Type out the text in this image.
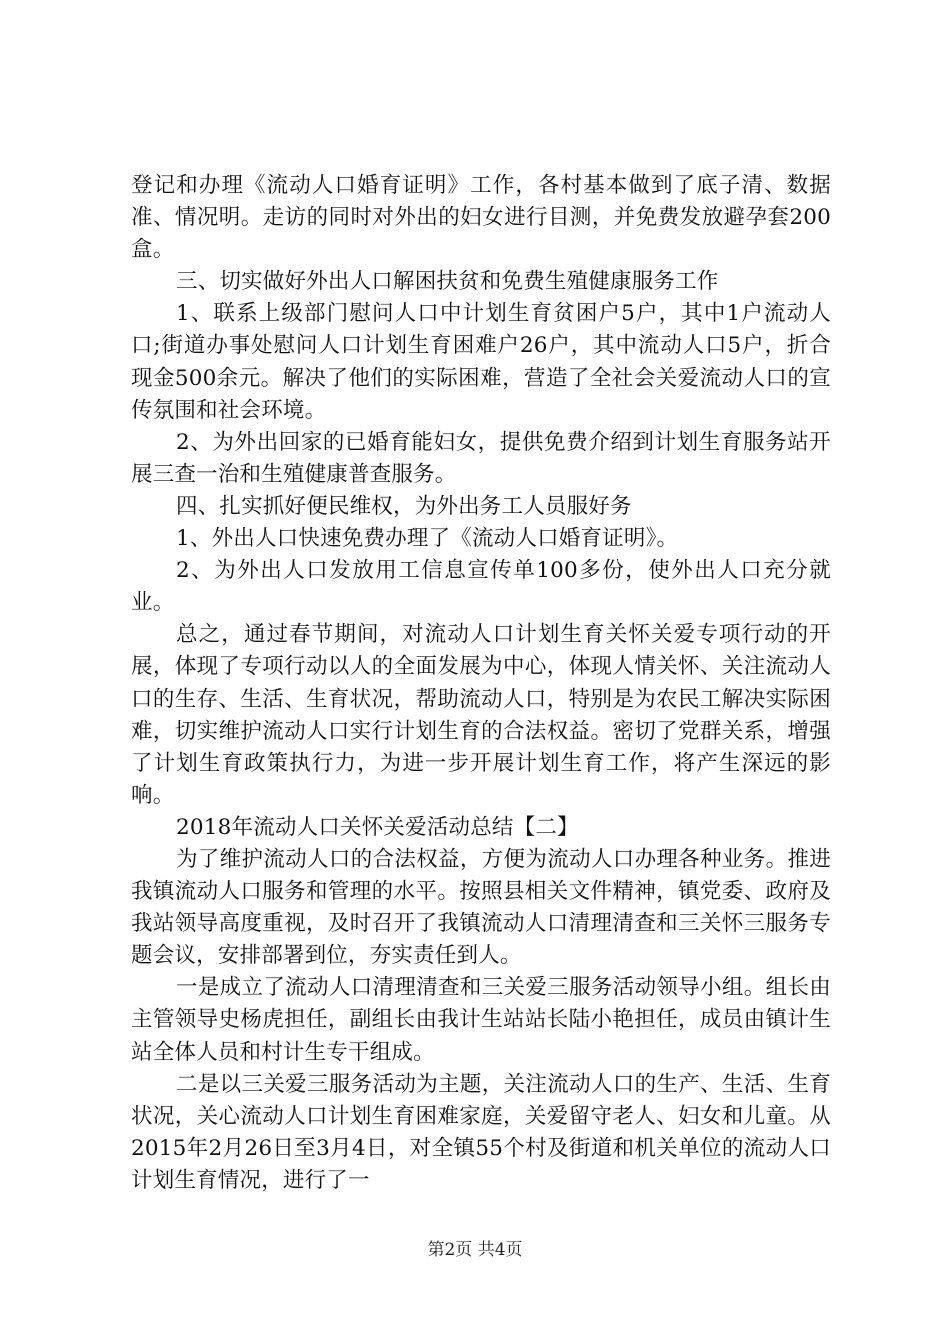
登记和办理《流动人口婚育证明》工作，各村基本做到了底子清、数据准、情况明。走访的同时对外出的妇女进行目测，并免费发放避孕套200盒。

三、切实做好外出人口解困扶贫和免费生殖健康服务工作

1、联系上级部门慰问人口中计划生育贫困户5户，其中1户流动人口;街道办事处慰问人口计划生育困难户26户，其中流动人口5户，折合现金500余元。解决了他们的实际困难，营造了全社会关爱流动人口的宣传氛围和社会环境。

2、为外出回家的已婚育能妇女，提供免费介绍到计划生育服务站开展三查一治和生殖健康普查服务。

四、扎实抓好便民维权，为外出务工人员服好务

1、外出人口快速免费办理了《流动人口婚育证明》。

2、为外出人口发放用工信息宣传单100多份，使外出人口充分就业。

总之，通过春节期间，对流动人口计划生育关怀关爱专项行动的开展，体现了专项行动以人的全面发展为中心，体现人情关怀、关注流动人口的生存、生活、生育状况，帮助流动人口，特别是为农民工解决实际困难，切实维护流动人口实行计划生育的合法权益。密切了党群关系，增强了计划生育政策执行力，为进一步开展计划生育工作，将产生深远的影响。

2018年流动人口关怀关爱活动总结【二】

为了维护流动人口的合法权益，方便为流动人口办理各种业务。推进我镇流动人口服务和管理的水平。按照县相关文件精神，镇党委、政府及我站领导高度重视，及时召开了我镇流动人口清理清查和三关怀三服务专题会议，安排部署到位，夯实责任到人。

一是成立了流动人口清理清查和三关爱三服务活动领导小组。组长由主管领导史杨虎担任，副组长由我计生站站长陆小艳担任，成员由镇计生站全体人员和村计生专干组成。

二是以三关爱三服务活动为主题，关注流动人口的生产、生活、生育状况，关心流动人口计划生育困难家庭，关爱留守老人、妇女和儿童。从2015年2月26日至3月4日，对全镇55个村及街道和机关单位的流动人口计划生育情况，进行了一

第2页 共4页
